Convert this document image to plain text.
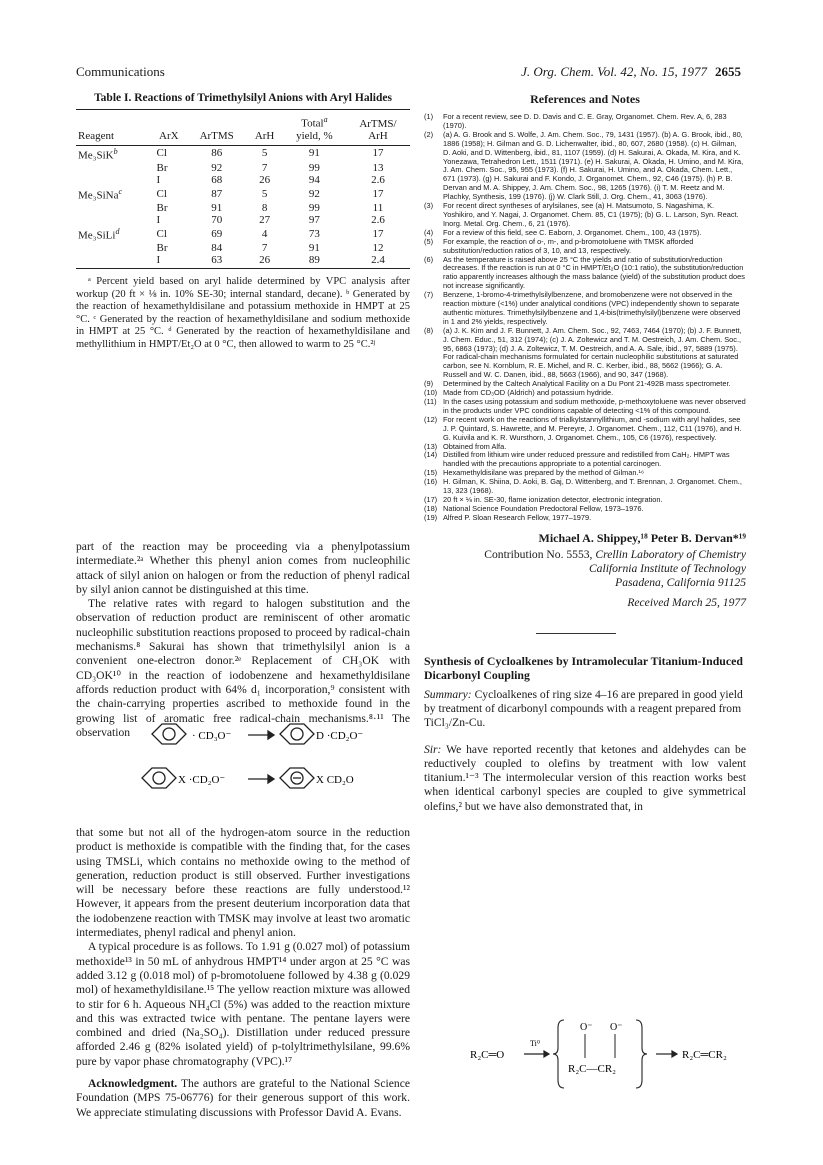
Communications	J. Org. Chem. Vol. 42, No. 15, 1977 2655
Table I. Reactions of Trimethylsilyl Anions with Aryl Halides
				Total$^a$	ArTMS/
Reagent	ArX	ArTMS	ArH	yield, %	ArH
Me₃SiK$^b$	Cl	86	5	91	17
	Br	92	7	99	13
	I	68	26	94	2.6
Me₃SiNa$^c$	Cl	87	5	92	17
	Br	91	8	99	11
	I	70	27	97	2.6
Me₃SiLi$^d$	Cl	69	4	73	17
	Br	84	7	91	12
	I	63	26	89	2.4
ᵃ Percent yield based on aryl halide determined by VPC analysis after workup (20 ft × ⅛ in. 10% SE-30; internal standard, decane). ᵇ Generated by the reaction of hexamethyldisilane and potassium methoxide in HMPT at 25 °C. ᶜ Generated by the reaction of hexamethyldisilane and sodium methoxide in HMPT at 25 °C. ᵈ Generated by the reaction of hexamethyldisilane and methyllithium in HMPT/Et₂O at 0 °C, then allowed to warm to 25 °C.²ʲ

part of the reaction may be proceeding via a phenylpotassium intermediate.²ᵃ Whether this phenyl anion comes from nucleophilic attack of silyl anion on halogen or from the reduction of phenyl radical by silyl anion cannot be distinguished at this time.

The relative rates with regard to halogen substitution and the observation of reduction product are reminiscent of other aromatic nucleophilic substitution reactions proposed to proceed by radical-chain mechanisms.⁸ Sakurai has shown that trimethylsilyl anion is a convenient one-electron donor.²ᵉ Replacement of CH₃OK with CD₃OK¹⁰ in the reaction of iodobenzene and hexamethyldisilane affords reduction product with 64% d₁ incorporation,⁹ consistent with the chain-carrying properties ascribed to methoxide found in the growing list of aromatic free radical-chain mechanisms.⁸·¹¹ The observation	· CD₃O⁻	D ·CD₂O⁻
X ·CD₂O⁻	X CD₂O

that some but not all of the hydrogen-atom source in the reduction product is methoxide is compatible with the finding that, for the cases using TMSLi, which contains no methoxide owing to the method of generation, reduction product is still observed. Further investigations will be necessary before these reactions are fully understood.¹² However, it appears from the present deuterium incorporation data that the iodobenzene reaction with TMSK may involve at least two aromatic intermediates, phenyl radical and phenyl anion.

A typical procedure is as follows. To 1.91 g (0.027 mol) of potassium methoxide¹³ in 50 mL of anhydrous HMPT¹⁴ under argon at 25 °C was added 3.12 g (0.018 mol) of p-bromotoluene followed by 4.38 g (0.029 mol) of hexamethyldisilane.¹⁵ The yellow reaction mixture was allowed to stir for 6 h. Aqueous NH₄Cl (5%) was added to the reaction mixture and this was extracted twice with pentane. The pentane layers were combined and dried (Na₂SO₄). Distillation under reduced pressure afforded 2.46 g (82% isolated yield) of p-tolyltrimethylsilane, 99.6% pure by vapor phase chromatography (VPC).¹⁷

Acknowledgment. The authors are grateful to the National Science Foundation (MPS 75-06776) for their generous support of this work. We appreciate stimulating discussions with Professor David A. Evans.

References and Notes
(1) For a recent review, see D. D. Davis and C. E. Gray, Organomet. Chem. Rev. A, 6, 283 (1970).
(2) (a) A. G. Brook and S. Wolfe, J. Am. Chem. Soc., 79, 1431 (1957). (b) A. G. Brook, ibid., 80, 1886 (1958); H. Gilman and G. D. Lichenwalter, ibid., 80, 607, 2680 (1958). (c) H. Gilman, D. Aoki, and D. Wittenberg, ibid., 81, 1107 (1959). (d) H. Sakurai, A. Okada, M. Kira, and K. Yonezawa, Tetrahedron Lett., 1511 (1971). (e) H. Sakurai, A. Okada, H. Umino, and M. Kira, J. Am. Chem. Soc., 95, 955 (1973). (f) H. Sakurai, H. Umino, and A. Okada, Chem. Lett., 671 (1973). (g) H. Sakurai and F. Kondo, J. Organomet. Chem., 92, C46 (1975). (h) P. B. Dervan and M. A. Shippey, J. Am. Chem. Soc., 98, 1265 (1976). (i) T. M. Reetz and M. Plachky, Synthesis, 199 (1976). (j) W. Clark Still, J. Org. Chem., 41, 3063 (1976).
(3) For recent direct syntheses of arylsilanes, see (a) H. Matsumoto, S. Nagashima, K. Yoshikiro, and Y. Nagai, J. Organomet. Chem. 85, C1 (1975); (b) G. L. Larson, Syn. React. Inorg. Metal. Org. Chem., 6, 21 (1976).
(4) For a review of this field, see C. Eaborn, J. Organomet. Chem., 100, 43 (1975).
(5) For example, the reaction of o-, m-, and p-bromotoluene with TMSK afforded substitution/reduction ratios of 3, 10, and 13, respectively.
(6) As the temperature is raised above 25 °C the yields and ratio of substitution/reduction decreases. If the reaction is run at 0 °C in HMPT/Et₂O (10:1 ratio), the substitution/reduction ratio apparently increases although the mass balance (yield) of the substitution product does not increase significantly.
(7) Benzene, 1-bromo-4-trimethylsilylbenzene, and bromobenzene were not observed in the reaction mixture (<1%) under analytical conditions (VPC) independently shown to separate authentic mixtures. Trimethylsilylbenzene and 1,4-bis(trimethylsilyl)benzene were observed in 1 and 2% yields, respectively.
(8) (a) J. K. Kim and J. F. Bunnett, J. Am. Chem. Soc., 92, 7463, 7464 (1970); (b) J. F. Bunnett, J. Chem. Educ., 51, 312 (1974); (c) J. A. Zoltewicz and T. M. Oestreich, J. Am. Chem. Soc., 95, 6863 (1973); (d) J. A. Zoltewicz, T. M. Oestreich, and A. A. Sale, ibid., 97, 5889 (1975). For radical-chain mechanisms formulated for certain nucleophilic substitutions at saturated carbon, see N. Kornblum, R. E. Michel, and R. C. Kerber, ibid., 88, 5662 (1966); G. A. Russell and W. C. Danen, ibid., 88, 5663 (1966), and 90, 347 (1968).
(9) Determined by the Caltech Analytical Facility on a Du Pont 21-492B mass spectrometer.
(10) Made from CD₃OD (Aldrich) and potassium hydride.
(11) In the cases using potassium and sodium methoxide, p-methoxytoluene was never observed in the products under VPC conditions capable of detecting <1% of this compound.
(12) For recent work on the reactions of trialkylstannyllithium, and -sodium with aryl halides, see J. P. Quintard, S. Hawrette, and M. Pereyre, J. Organomet. Chem., 112, C11 (1976), and H. G. Kuivila and K. R. Wursthorn, J. Organomet. Chem., 105, C6 (1976), respectively.
(13) Obtained from Alfa.
(14) Distilled from lithium wire under reduced pressure and redistilled from CaH₂. HMPT was handled with the precautions appropriate to a potential carcinogen.
(15) Hexamethyldisilane was prepared by the method of Gilman.¹⁶
(16) H. Gilman, K. Shiina, D. Aoki, B. Gaj, D. Wittenberg, and T. Brennan, J. Organomet. Chem., 13, 323 (1968).
(17) 20 ft × ⅛ in. SE-30, flame ionization detector, electronic integration.
(18) National Science Foundation Predoctoral Fellow, 1973–1976.
(19) Alfred P. Sloan Research Fellow, 1977–1979.
Michael A. Shippey,¹⁸ Peter B. Dervan*¹⁹
Contribution No. 5553, Crellin Laboratory of Chemistry
California Institute of Technology
Pasadena, California 91125
Received March 25, 1977
Synthesis of Cycloalkenes by Intramolecular Titanium-Induced Dicarbonyl Coupling
Summary: Cycloalkenes of ring size 4–16 are prepared in good yield by treatment of dicarbonyl compounds with a reagent prepared from TiCl₃/Zn-Cu.
Sir: We have reported recently that ketones and aldehydes can be reductively coupled to olefins by treatment with low valent titanium.¹⁻³ The intermolecular version of this reaction works best when identical carbonyl species are coupled to give symmetrical olefins,² but we have also demonstrated that, in
R₂C═O
Ti⁰
O⁻ O⁻
R₂C—CR₂
R₂C═CR₂
